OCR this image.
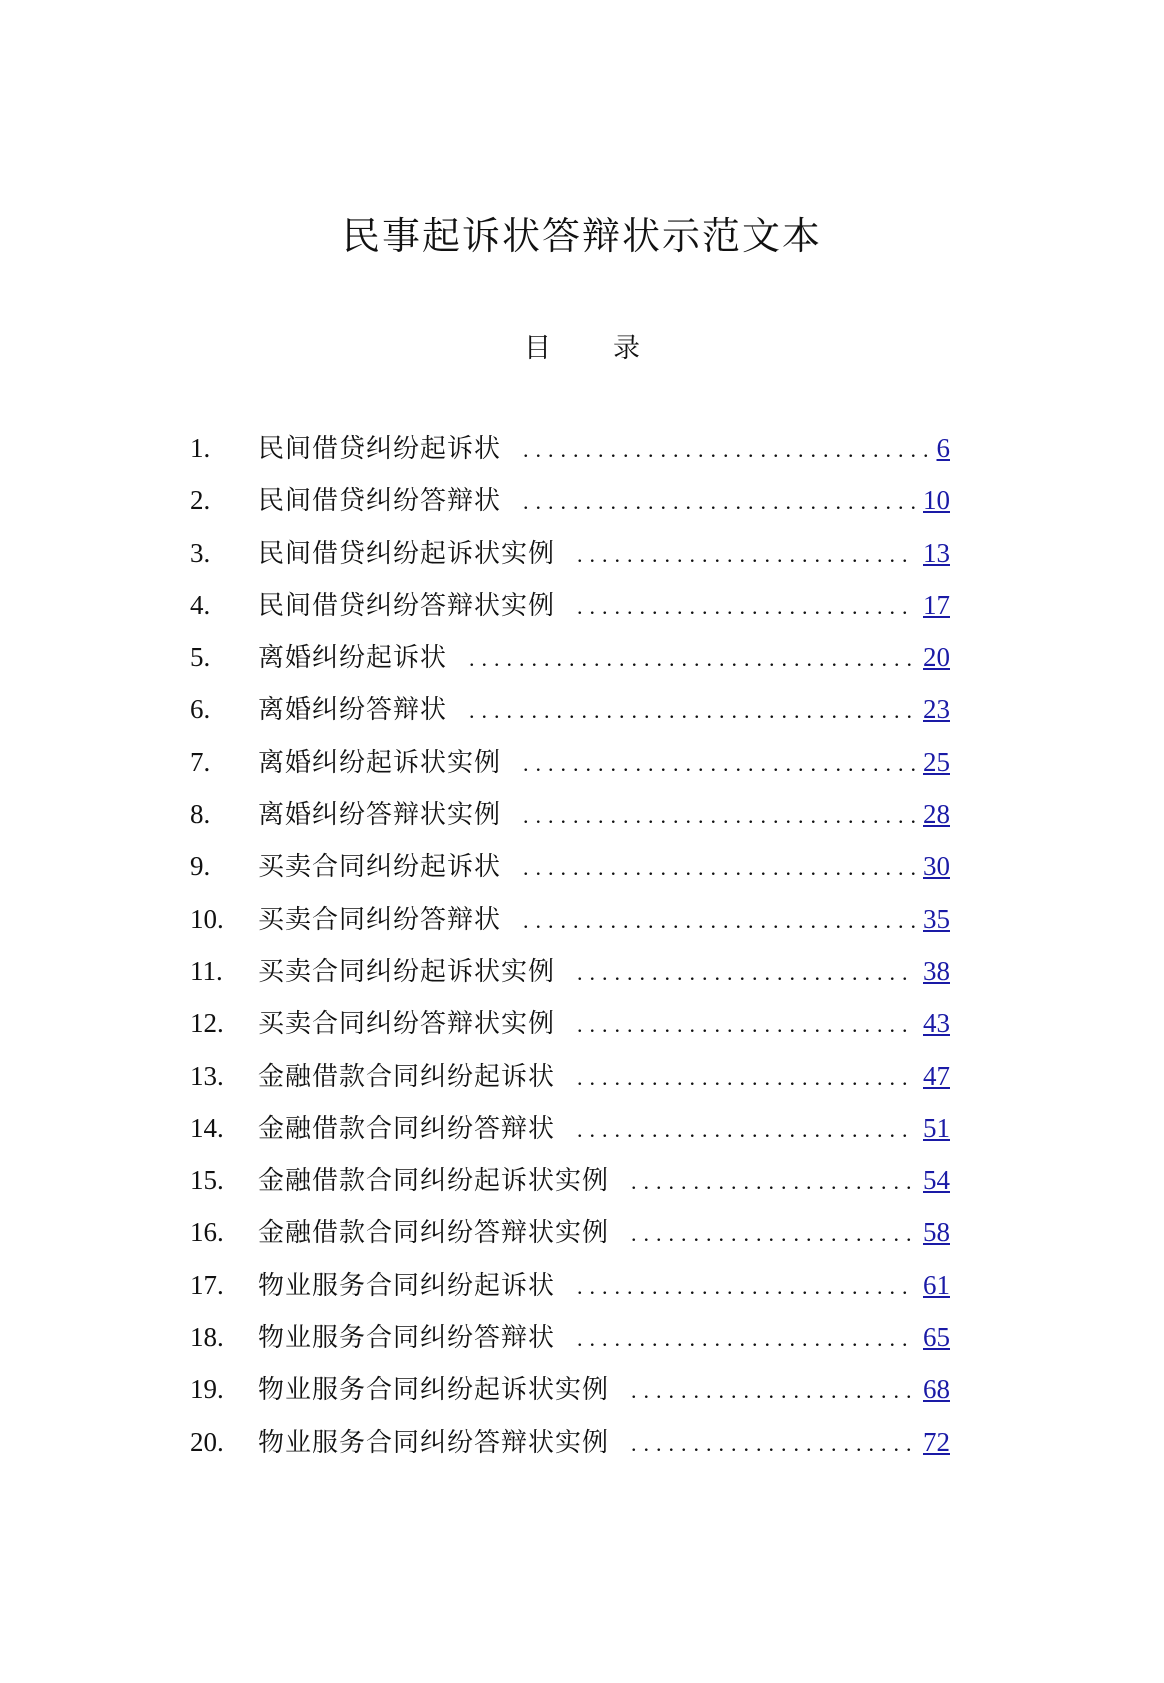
民事起诉状答辩状示范文本
目 录
1.	民间借贷纠纷起诉状 .....	6
2.	民间借贷纠纷答辩状 .....	10
3.	民间借贷纠纷起诉状实例 .....	13
4.	民间借贷纠纷答辩状实例 .....	17
5.	离婚纠纷起诉状 .....	20
6.	离婚纠纷答辩状 .....	23
7.	离婚纠纷起诉状实例 .....	25
8.	离婚纠纷答辩状实例 .....	28
9.	买卖合同纠纷起诉状 .....	30
10.	买卖合同纠纷答辩状 .....	35
11.	买卖合同纠纷起诉状实例 .....	38
12.	买卖合同纠纷答辩状实例 .....	43
13.	金融借款合同纠纷起诉状 .....	47
14.	金融借款合同纠纷答辩状 .....	51
15.	金融借款合同纠纷起诉状实例 .....	54
16.	金融借款合同纠纷答辩状实例 .....	58
17.	物业服务合同纠纷起诉状 .....	61
18.	物业服务合同纠纷答辩状 .....	65
19.	物业服务合同纠纷起诉状实例 .....	68
20.	物业服务合同纠纷答辩状实例 .....	72
